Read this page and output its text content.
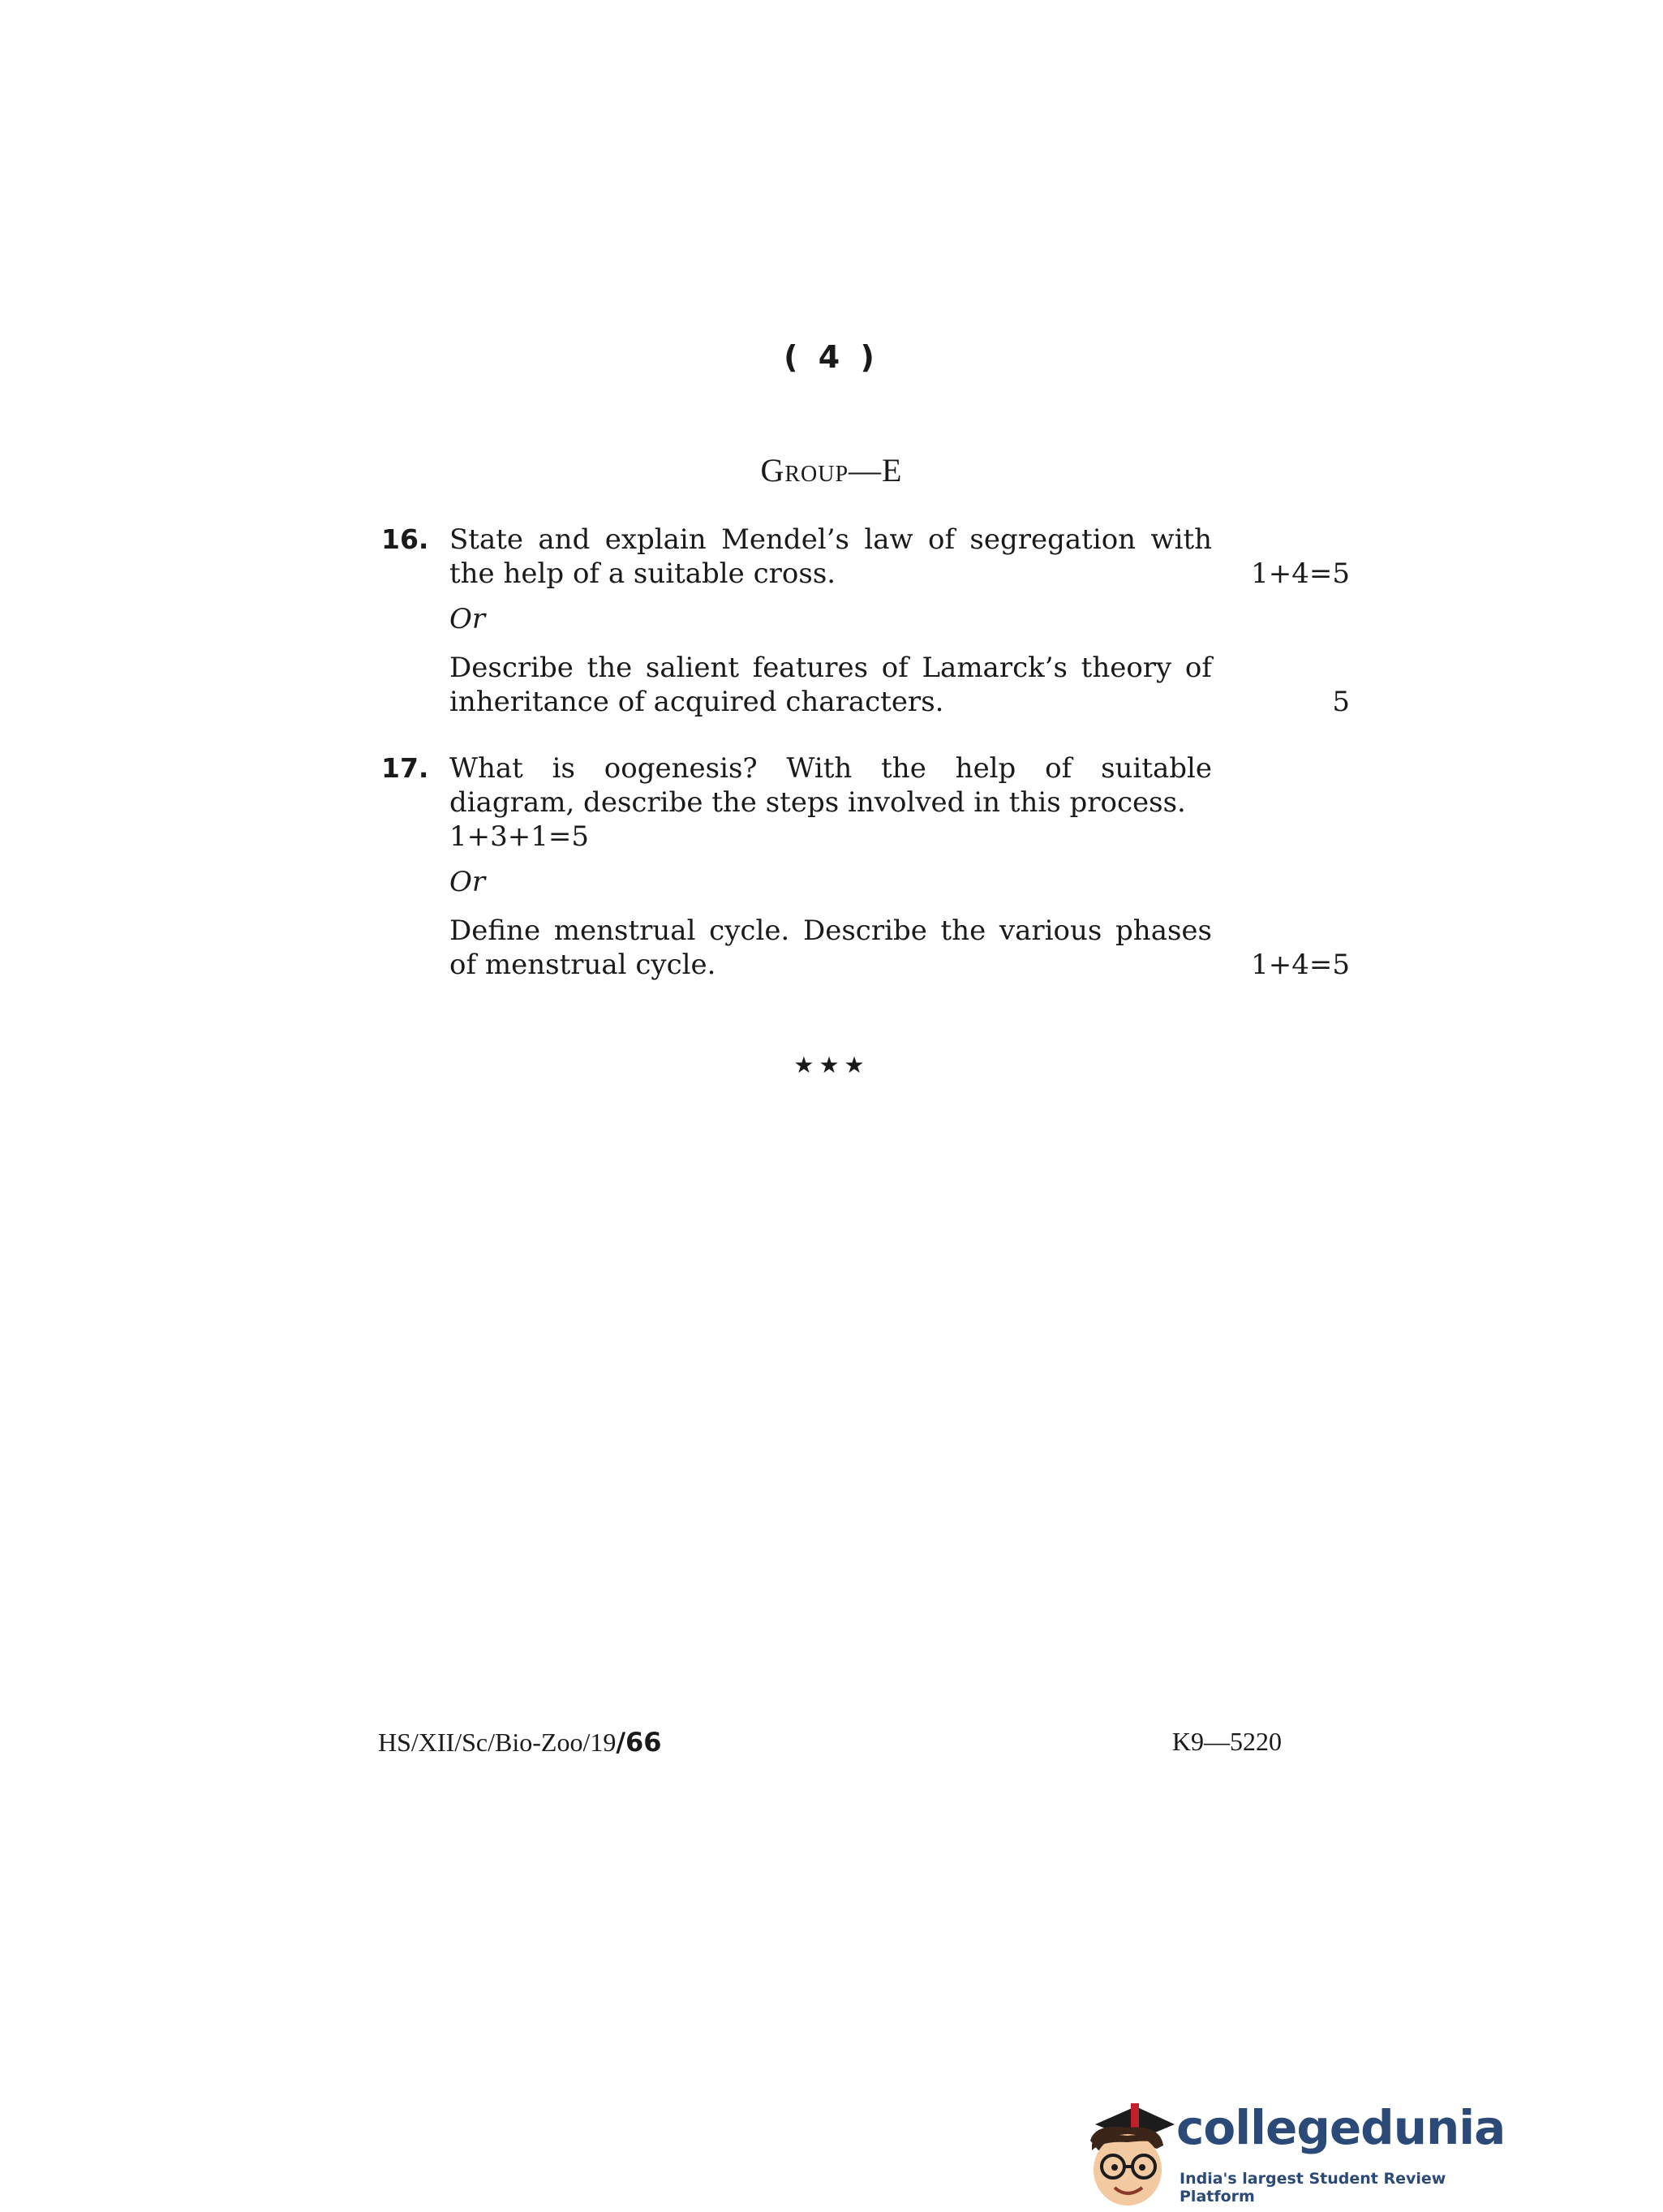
( 4 )
Group—E
16. State and explain Mendel’s law of segregation with
the help of a suitable cross.	1+4=5
Or
Describe the salient features of Lamarck’s theory of
inheritance of acquired characters.	5
17. What is oogenesis? With the help of suitable
diagram, describe the steps involved in this process.
1+3+1=5
Or
Define menstrual cycle. Describe the various phases
of menstrual cycle.	1+4=5
★★★
HS/XII/Sc/Bio-Zoo/19/66	K9—5220
collegedunia
India's largest Student Review Platform
